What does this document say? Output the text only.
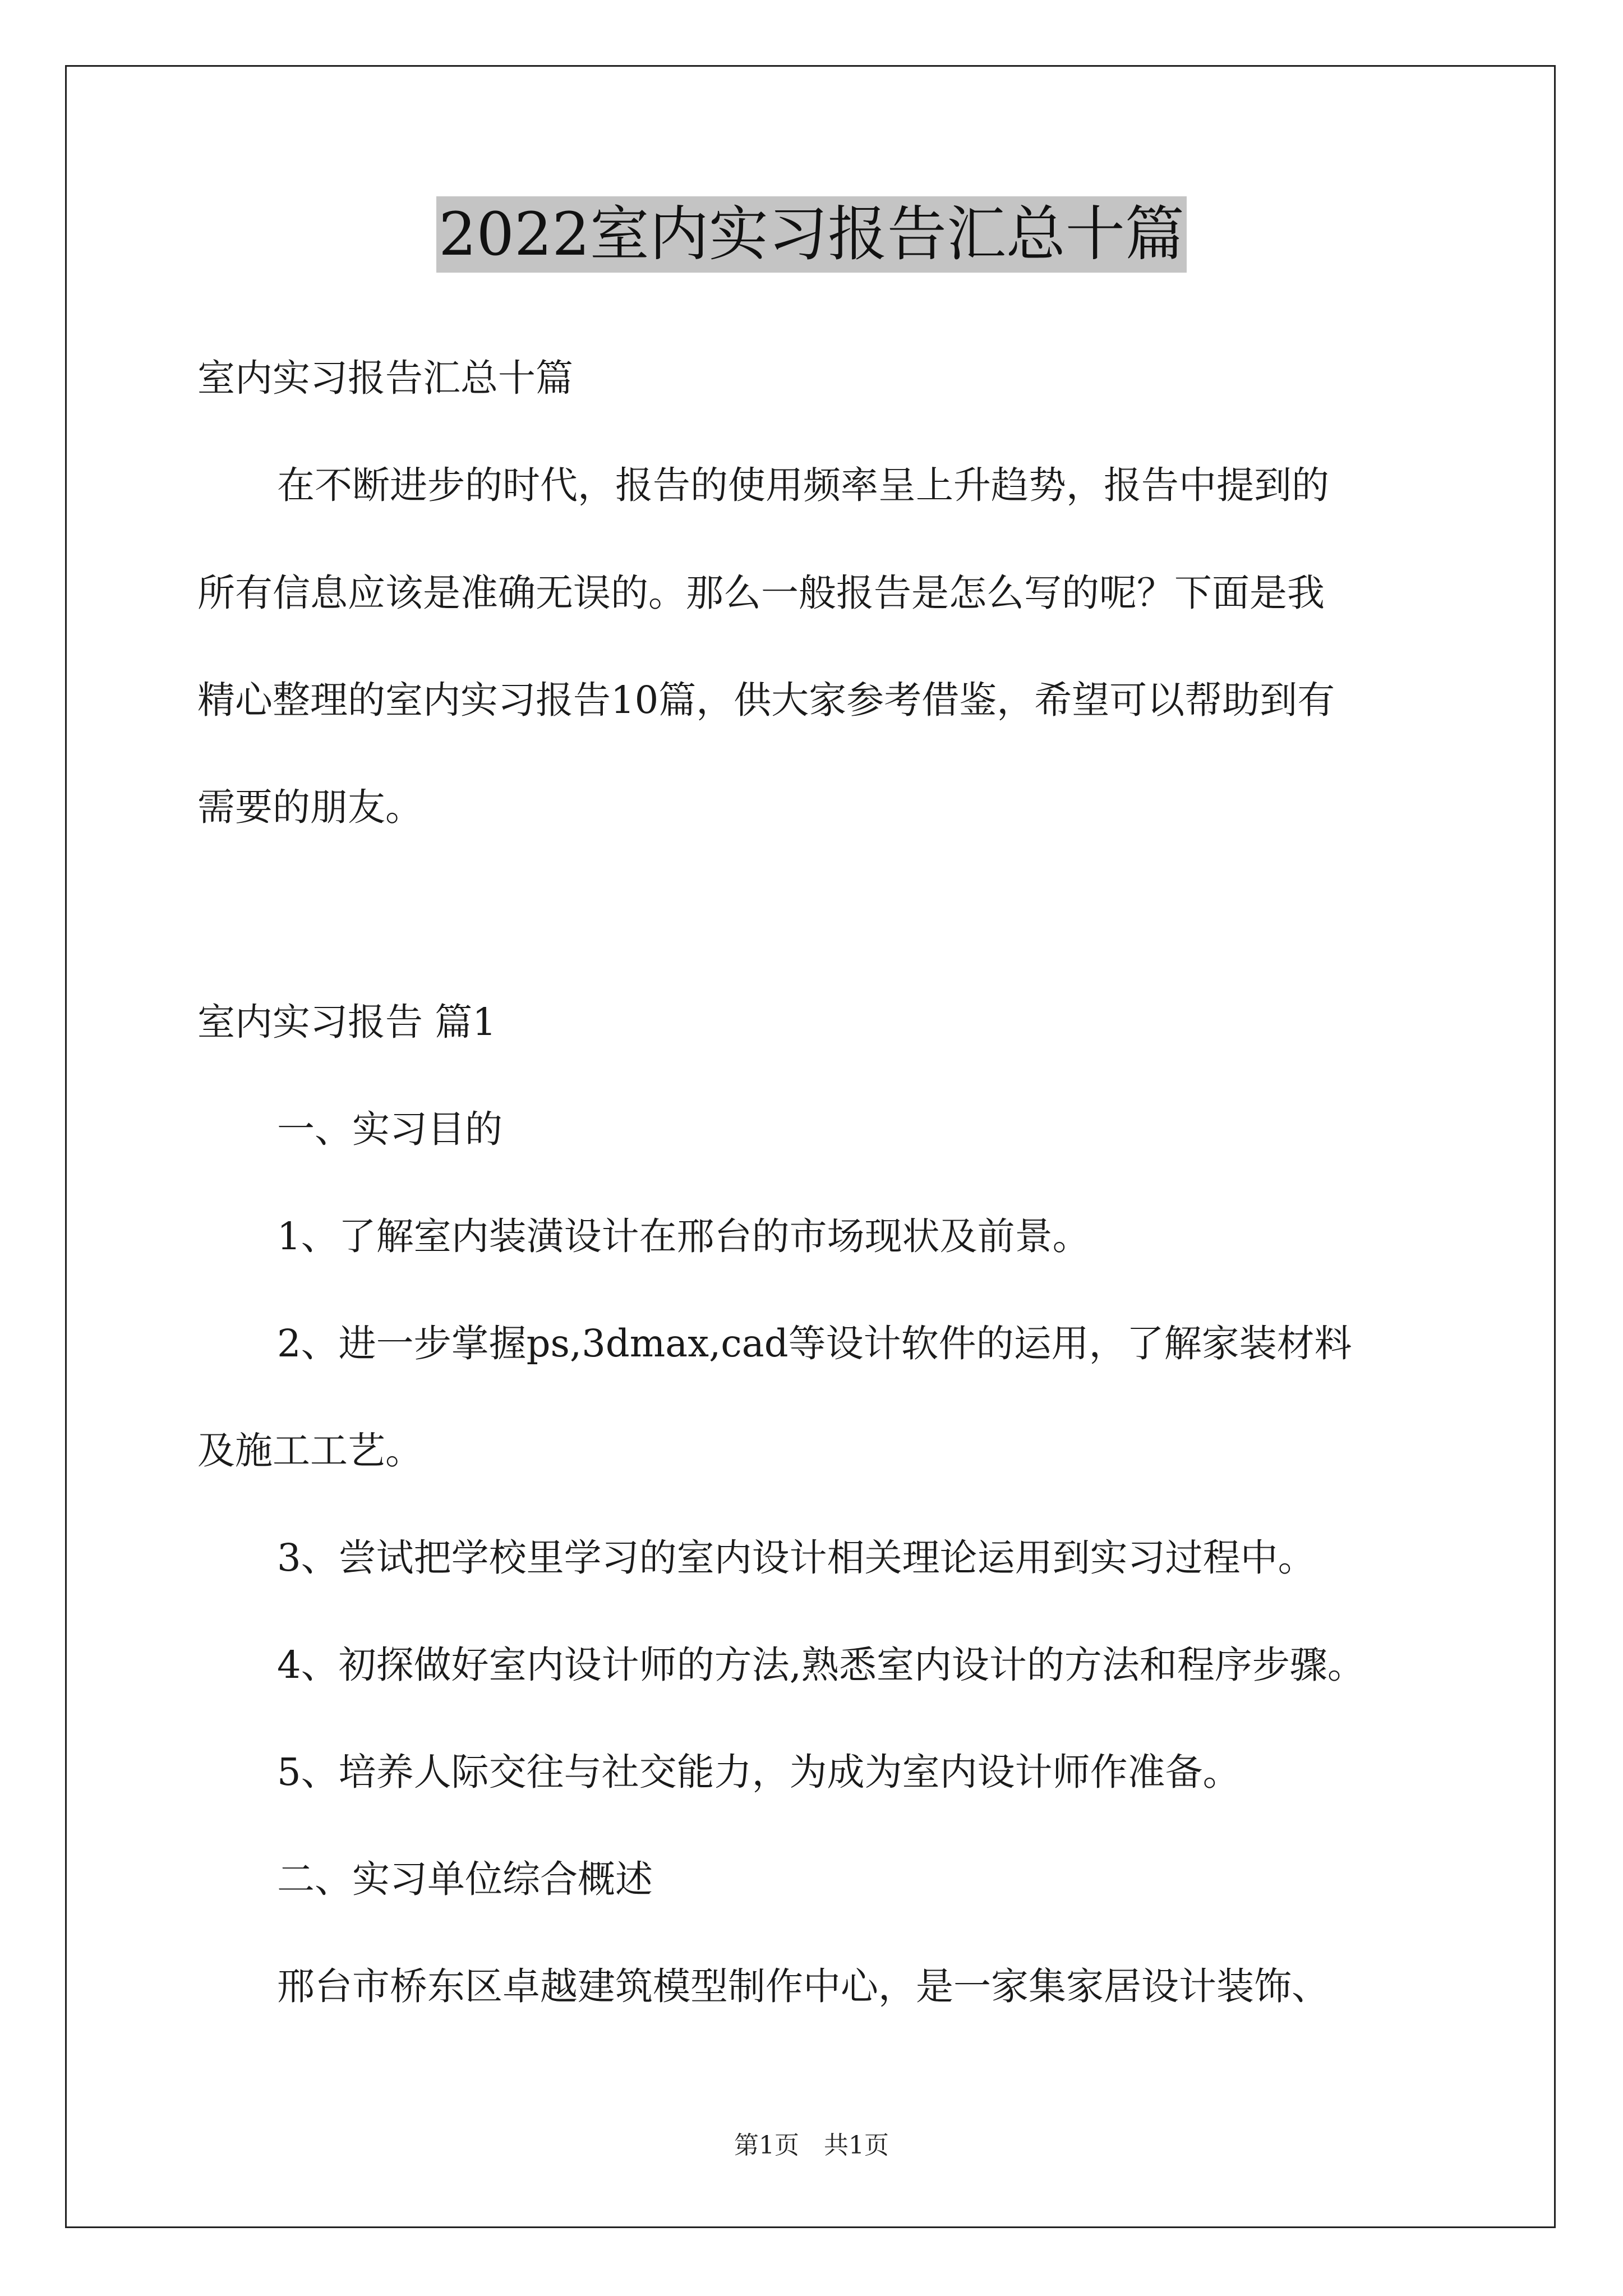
2022室内实习报告汇总十篇
室内实习报告汇总十篇
在不断进步的时代，报告的使用频率呈上升趋势，报告中提到的
所有信息应该是准确无误的。那么一般报告是怎么写的呢？下面是我
精心整理的室内实习报告10篇，供大家参考借鉴，希望可以帮助到有
需要的朋友。
室内实习报告 篇1
一、实习目的
1、了解室内装潢设计在邢台的市场现状及前景。
2、进一步掌握ps,3dmax,cad等设计软件的运用，了解家装材料
及施工工艺。
3、尝试把学校里学习的室内设计相关理论运用到实习过程中。
4、初探做好室内设计师的方法,熟悉室内设计的方法和程序步骤。
5、培养人际交往与社交能力，为成为室内设计师作准备。
二、实习单位综合概述
邢台市桥东区卓越建筑模型制作中心，是一家集家居设计装饰、
第1页　共1页
